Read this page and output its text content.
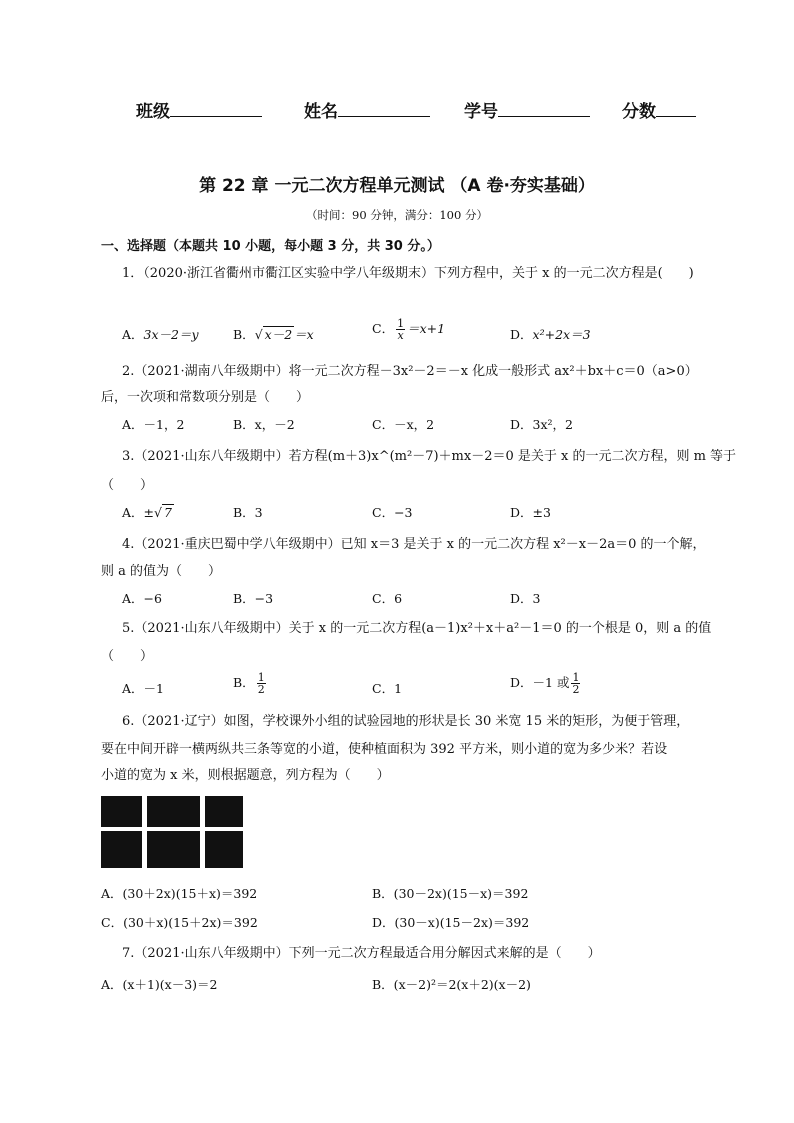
班级	姓名	学号	分数
第 22 章 一元二次方程单元测试 （A 卷·夯实基础）
（时间：90 分钟，满分：100 分）
一、选择题（本题共 10 小题，每小题 3 分，共 30 分。）
1．（2020·浙江省衢州市衢江区实验中学八年级期末）下列方程中，关于 x 的一元二次方程是(　　)
A．3x－2＝y	B．√ x－2 ＝x	C． $\frac{1}{x} =x+1$	D．x²+2x＝3
2.（2021·湖南八年级期中）将一元二次方程－3x²－2＝－x 化成一般形式 ax²＋bx＋c＝0（a>0）
后，一次项和常数项分别是（　　）
A．－1，2	B．x，－2	C．－x，2	D．3x²，2
3.（2021·山东八年级期中）若方程(m＋3)x^(m²－7)＋mx－2＝0 是关于 x 的一元二次方程，则 m 等于
（　　）
A．±√ 7	B．3	C．−3	D．±3
4.（2021·重庆巴蜀中学八年级期中）已知 x＝3 是关于 x 的一元二次方程 x²－x－2a＝0 的一个解，
则 a 的值为（　　）
A．−6	B．−3	C．6	D．3
5.（2021·山东八年级期中）关于 x 的一元二次方程(a－1)x²＋x＋a²－1＝0 的一个根是 0，则 a 的值
（　　）
A．－1	B． $\frac{1}{2}$	C．1	D．－1 或 $\frac{1}{2}$
6.（2021·辽宁）如图，学校课外小组的试验园地的形状是长 30 米宽 15 米的矩形，为便于管理，
要在中间开辟一横两纵共三条等宽的小道，使种植面积为 392 平方米，则小道的宽为多少米？若设
小道的宽为 x 米，则根据题意，列方程为（　　）
A．(30＋2x)(15＋x)＝392	B．(30－2x)(15－x)＝392
C．(30＋x)(15＋2x)＝392	D．(30－x)(15－2x)＝392
7.（2021·山东八年级期中）下列一元二次方程最适合用分解因式来解的是（　　）
A．(x＋1)(x－3)＝2	B．(x－2)²＝2(x＋2)(x－2)
